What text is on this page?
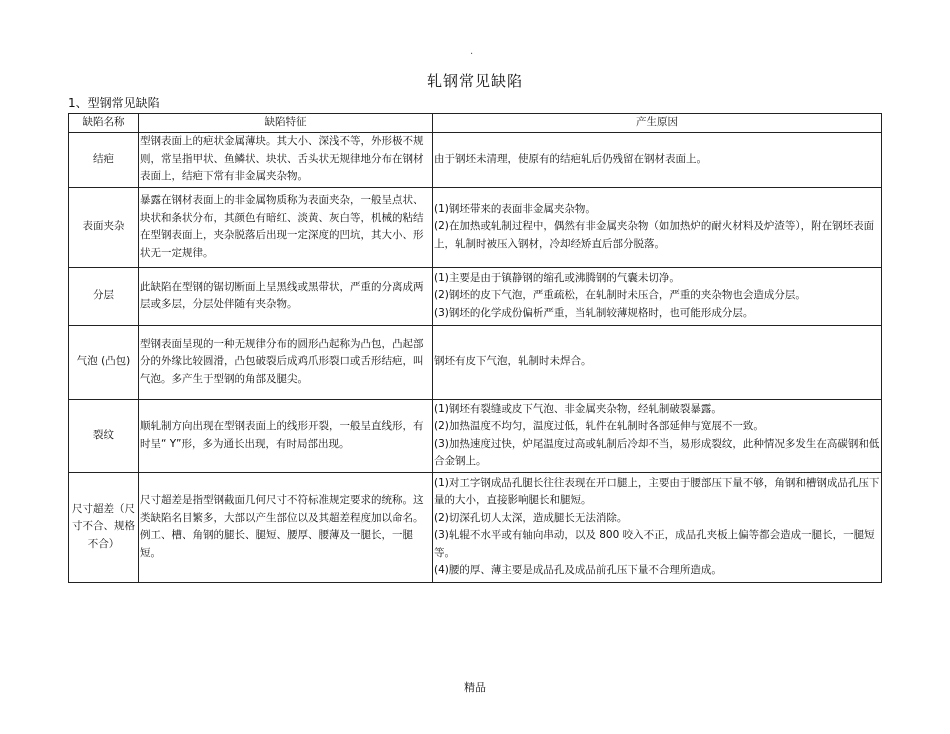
.
轧钢常见缺陷
1、型钢常见缺陷
缺陷名称	缺陷特征	产生原因
结疤	型钢表面上的疤状金属薄块。其大小、深浅不等，外形极不规则，常呈指甲状、鱼鳞状、块状、舌头状无规律地分布在钢材表面上，结疤下常有非金属夹杂物。	由于钢坯未清理，使原有的结疤轧后仍残留在钢材表面上。

表面夹杂	暴露在钢材表面上的非金属物质称为表面夹杂，一般呈点状、块状和条状分布，其颜色有暗红、淡黄、灰白等，机械的粘结在型钢表面上，夹杂脱落后出现一定深度的凹坑，其大小、形状无一定规律。	(1)钢坯带来的表面非金属夹杂物。
(2)在加热或轧制过程中，偶然有非金属夹杂物（如加热炉的耐火材料及炉渣等），附在钢坯表面上，轧制时被压入钢材，冷却经矫直后部分脱落。

分层	此缺陷在型钢的锯切断面上呈黑线或黑带状，严重的分离成两层或多层，分层处伴随有夹杂物。	(1)主要是由于镇静钢的缩孔或沸腾钢的气囊未切净。
(2)钢坯的皮下气泡，严重疏松，在轧制时未压合，严重的夹杂物也会造成分层。
(3)钢坯的化学成份偏析严重，当轧制较薄规格时，也可能形成分层。

气泡 (凸包)	型钢表面呈现的一种无规律分布的圆形凸起称为凸包，凸起部分的外缘比较圆滑，凸包破裂后成鸡爪形裂口或舌形结疤，叫气泡。多产生于型钢的角部及腿尖。	钢坯有皮下气泡，轧制时未焊合。

裂纹	顺轧制方向出现在型钢表面上的线形开裂，一般呈直线形，有时呈“ Y”形，多为通长出现，有时局部出现。	(1)钢坯有裂缝或皮下气泡、非金属夹杂物，经轧制破裂暴露。
(2)加热温度不均匀，温度过低，轧件在轧制时各部延伸与宽展不一致。
(3)加热速度过快，炉尾温度过高或轧制后冷却不当，易形成裂纹，此种情况多发生在高碳钢和低合金钢上。

尺寸超差（尺寸不合、规格不合）	尺寸超差是指型钢截面几何尺寸不符标准规定要求的统称。这类缺陷名目繁多，大部以产生部位以及其超差程度加以命名。例工、槽、角钢的腿长、腿短、腰厚、腰薄及一腿长，一腿短。	(1)对工字钢成品孔腿长往往表现在开口腿上，主要由于腰部压下量不够，角钢和槽钢成品孔压下量的大小，直接影响腿长和腿短。
(2)切深孔切人太深，造成腿长无法消除。
(3)轧辊不水平或有轴向串动，以及 800 咬入不正，成品孔夹板上偏等都会造成一腿长，一腿短等。
(4)腰的厚、薄主要是成品孔及成品前孔压下量不合理所造成。
精品
